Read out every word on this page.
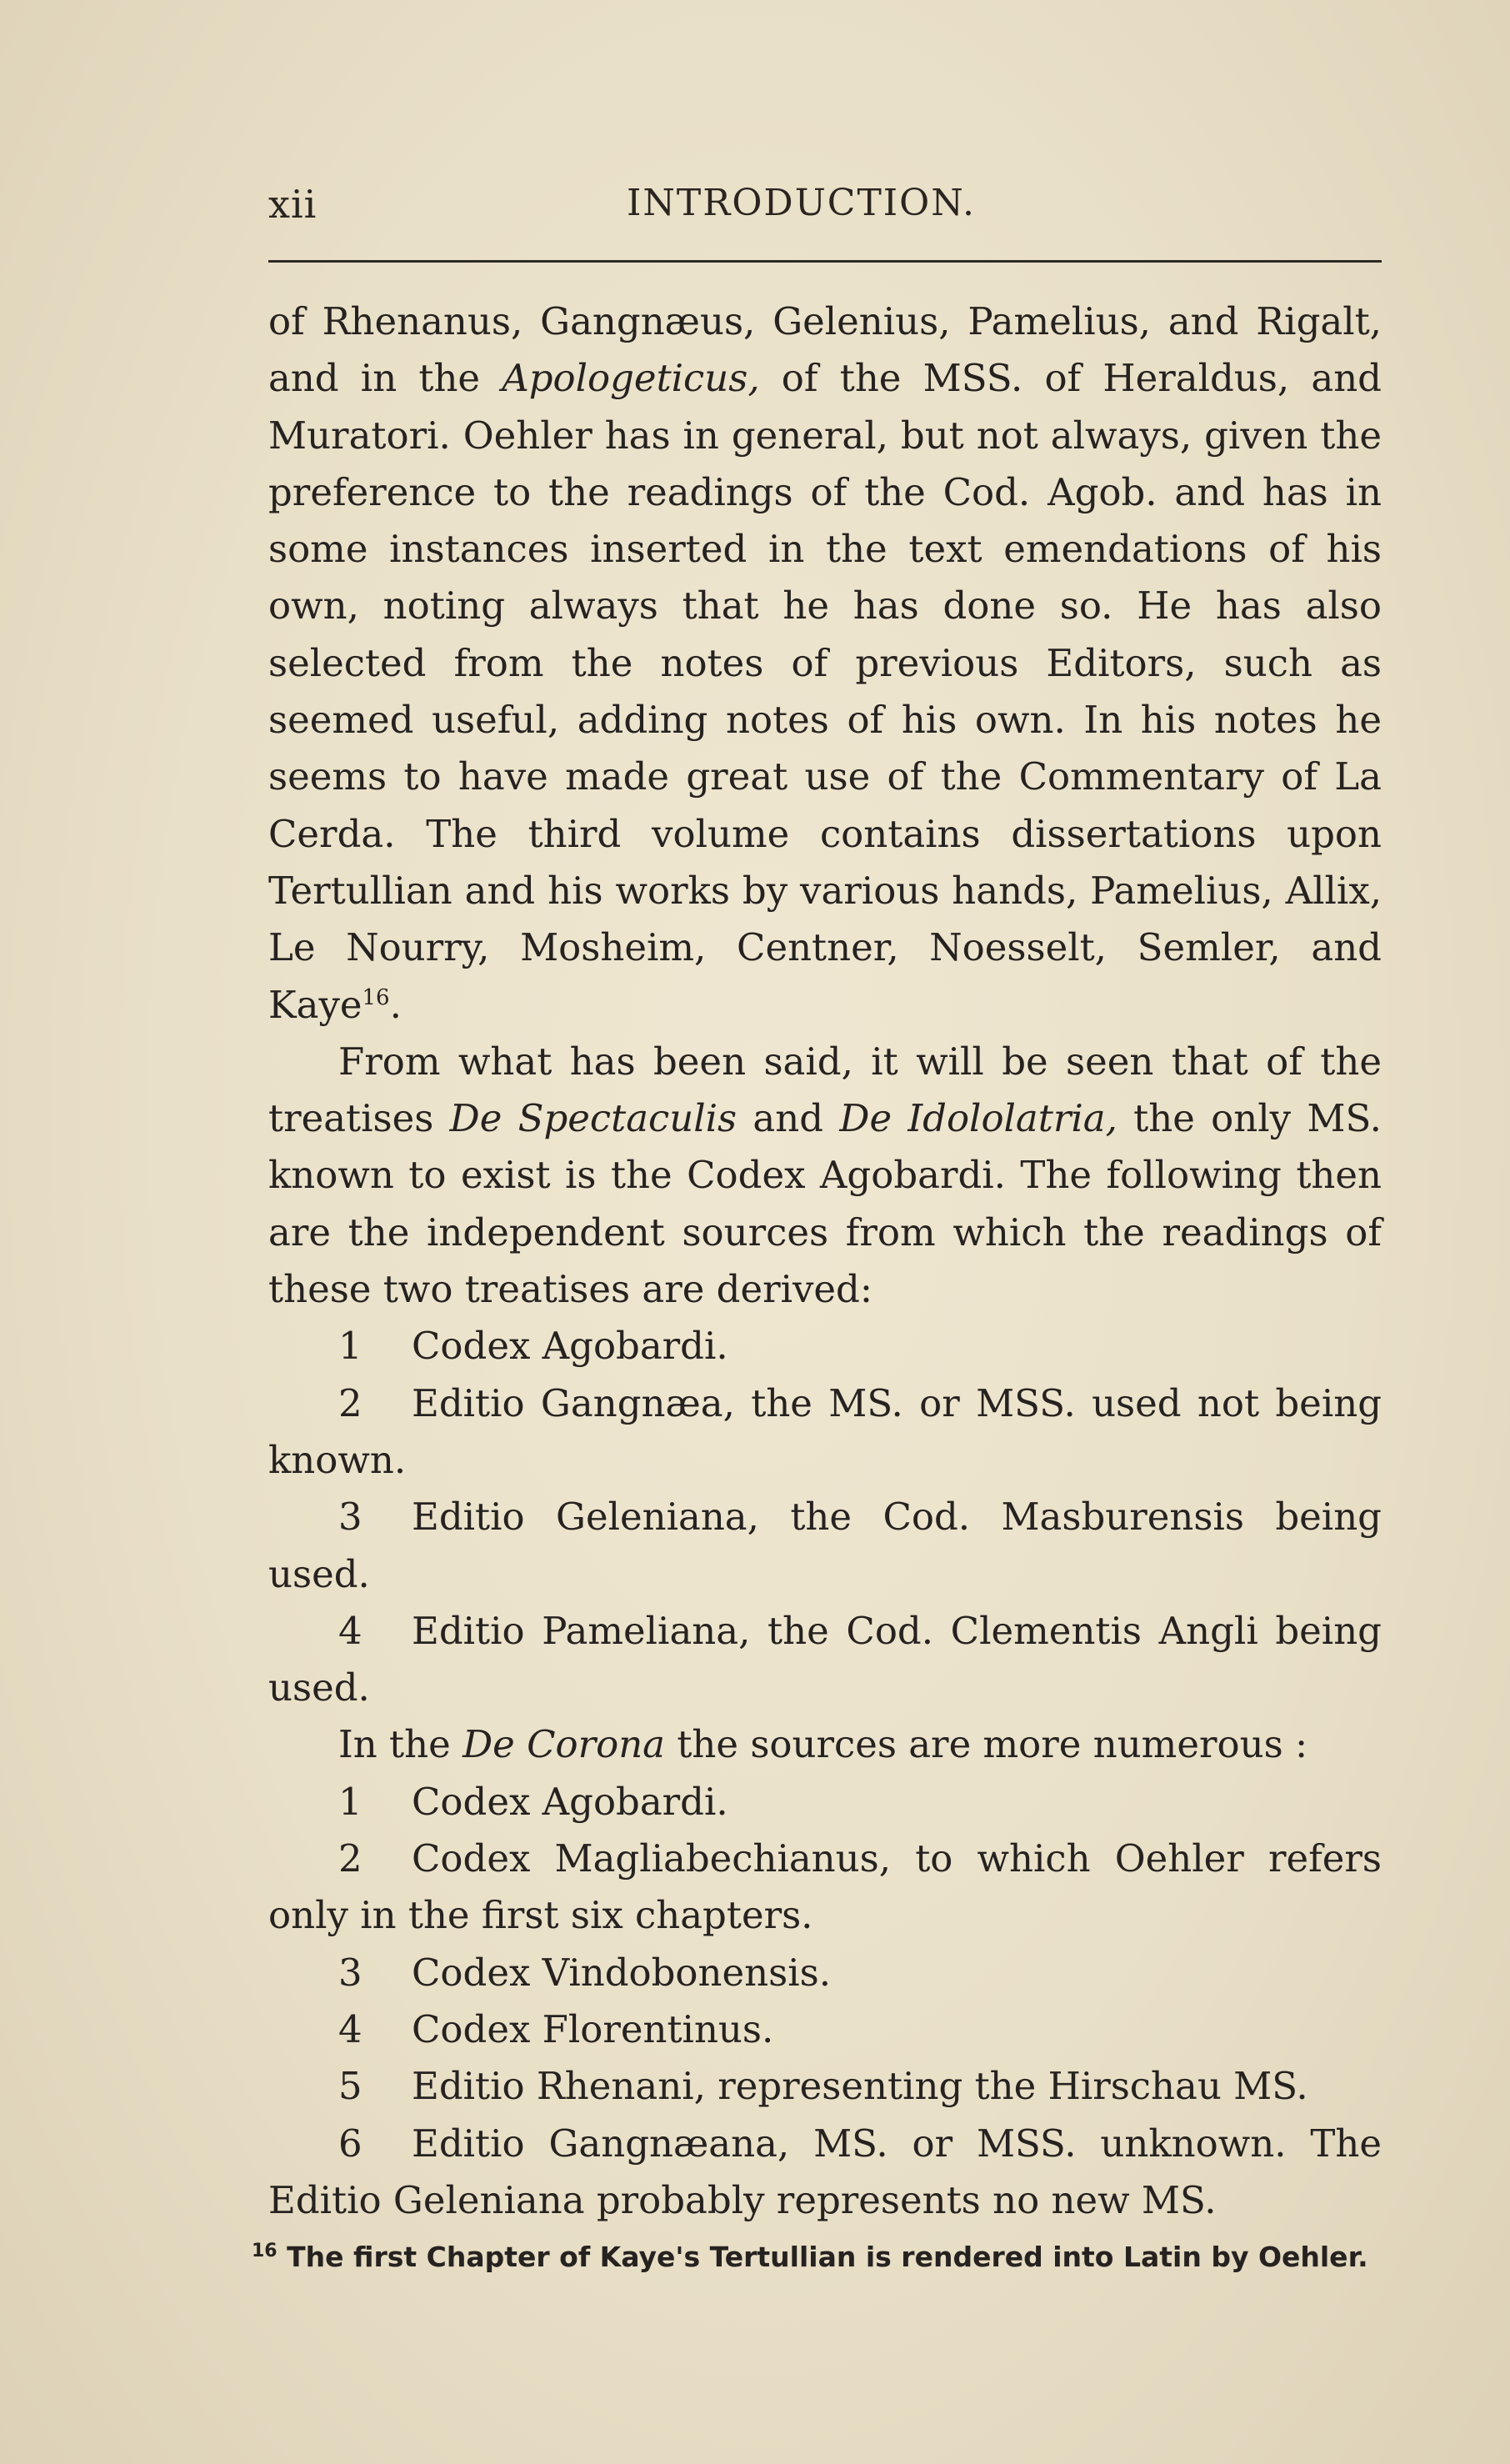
xii	INTRODUCTION.

of Rhenanus, Gangnæus, Gelenius, Pamelius, and Rigalt, and in the Apologeticus, of the MSS. of Heraldus, and Muratori. Oehler has in general, but not always, given the preference to the readings of the Cod. Agob. and has in some instances inserted in the text emendations of his own, noting always that he has done so. He has also selected from the notes of previous Editors, such as seemed useful, adding notes of his own. In his notes he seems to have made great use of the Commentary of La Cerda. The third volume contains dissertations upon Tertullian and his works by various hands, Pamelius, Allix, Le Nourry, Mosheim, Centner, Noesselt, Semler, and Kaye$^{16}$.

From what has been said, it will be seen that of the treatises De Spectaculis and De Idololatria, the only MS. known to exist is the Codex Agobardi. The following then are the independent sources from which the readings of these two treatises are derived:

1 Codex Agobardi.

2 Editio Gangnæa, the MS. or MSS. used not being known.

3 Editio Geleniana, the Cod. Masburensis being used.

4 Editio Pameliana, the Cod. Clementis Angli being used.

In the De Corona the sources are more numerous :

1 Codex Agobardi.

2 Codex Magliabechianus, to which Oehler refers only in the first six chapters.

3 Codex Vindobonensis.

4 Codex Florentinus.

5 Editio Rhenani, representing the Hirschau MS.

6 Editio Gangnæana, MS. or MSS. unknown. The Editio Geleniana probably represents no new MS.

$^{16}$ The first Chapter of Kaye's Tertullian is rendered into Latin by Oehler.
